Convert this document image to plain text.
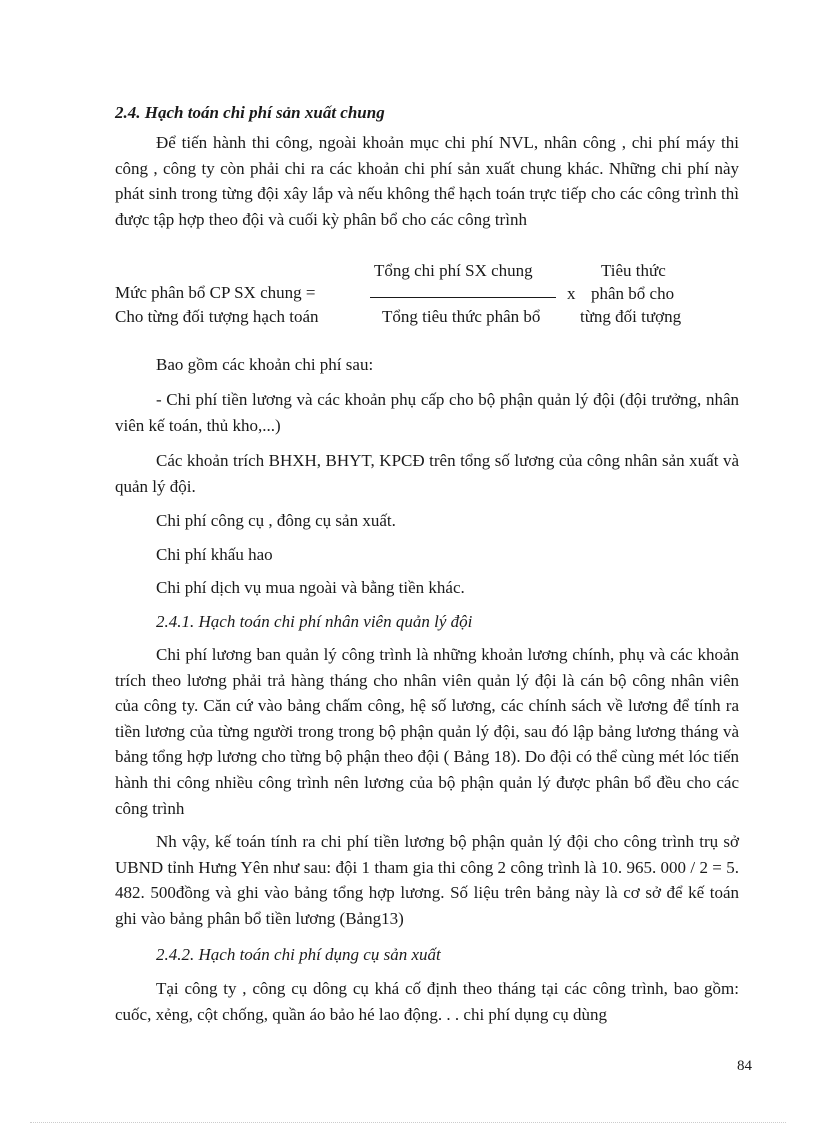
2.4. Hạch toán chi phí sản xuất chung

Để tiến hành thi công, ngoài khoản mục chi phí NVL, nhân công , chi phí máy thi công , công ty còn phải chi ra các khoản chi phí sản xuất chung khác. Những chi phí này phát sinh trong từng đội xây lắp và nếu không thể hạch toán trực tiếp cho các công trình thì được tập hợp theo đội và cuối kỳ phân bổ cho các công trình

Mức phân bổ CP SX chung =
Cho từng đối tượng hạch toán
Tổng chi phí SX chung
Tổng tiêu thức phân bổ
x
Tiêu thức
phân bổ cho
từng đối tượng

Bao gồm các khoản chi phí sau:

- Chi phí tiền lương và các khoản phụ cấp cho bộ phận quản lý đội (đội trưởng, nhân viên kế toán, thủ kho,...)

Các khoản trích BHXH, BHYT, KPCĐ trên tổng số lương của công nhân sản xuất và quản lý đội.

Chi phí công cụ , đông cụ sản xuất.

Chi phí khấu hao

Chi phí dịch vụ mua ngoài và bằng tiền khác.

2.4.1. Hạch toán chi phí nhân viên quản lý đội

Chi phí lương ban quản lý công trình là những khoản lương chính, phụ và các khoản trích theo lương phải trả hàng tháng cho nhân viên quản lý đội là cán bộ công nhân viên của công ty. Căn cứ vào bảng chấm công, hệ số lương, các chính sách về lương để tính ra tiền lương của từng người trong trong bộ phận quản lý đội, sau đó lập bảng lương tháng và bảng tổng hợp lương cho từng bộ phận theo đội ( Bảng 18). Do đội có thể cùng mét lóc tiến hành thi công nhiều công trình nên lương của bộ phận quản lý được phân bổ đều cho các công trình

Nh vậy, kế toán tính ra chi phí tiền lương bộ phận quản lý đội cho công trình trụ sở UBND tỉnh Hưng Yên như sau: đội 1 tham gia thi công 2 công trình là 10. 965. 000 / 2 = 5. 482. 500đồng và ghi vào bảng tổng hợp lương. Số liệu trên bảng này là cơ sở để kế toán ghi vào bảng phân bổ tiền lương (Bảng13)

2.4.2. Hạch toán chi phí dụng cụ sản xuất

Tại công ty , công cụ dông cụ khá cố định theo tháng tại các công trình, bao gồm: cuốc, xẻng, cột chống, quần áo bảo hé lao động. . . chi phí dụng cụ dùng

84
